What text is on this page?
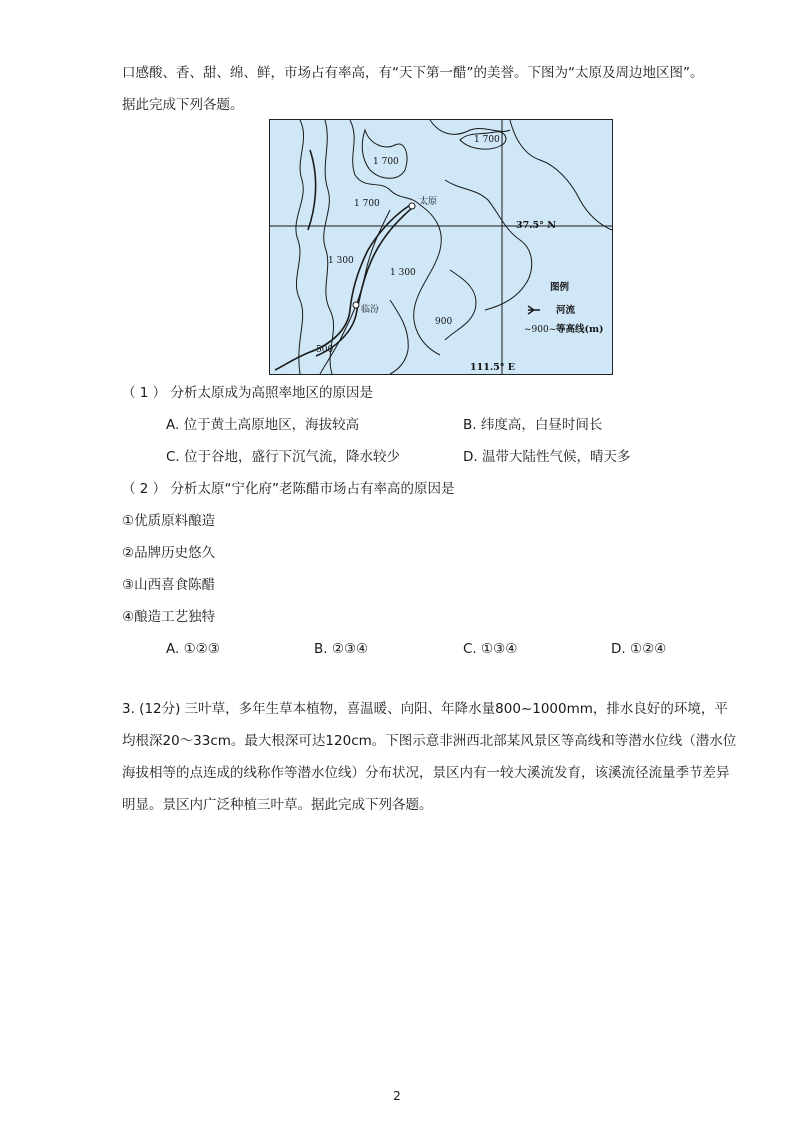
口感酸、香、甜、绵、鲜，市场占有率高，有“天下第一醋”的美誉。下图为“太原及周边地区图”。
据此完成下列各题。
1 700
1 700
1 700
1 300
1 300
900
500
太原
临汾
37.5° N
111.5° E
图例
河流
~900~ 等高线(m)
（ 1 ） 分析太原成为高照率地区的原因是
A. 位于黄土高原地区，海拔较高	B. 纬度高，白昼时间长
C. 位于谷地，盛行下沉气流，降水较少	D. 温带大陆性气候，晴天多
（ 2 ） 分析太原“宁化府”老陈醋市场占有率高的原因是
①优质原料酿造
②品牌历史悠久
③山西喜食陈醋
④酿造工艺独特
A. ①②③	B. ②③④	C. ①③④	D. ①②④
3. (12分) 三叶草，多年生草本植物，喜温暖、向阳、年降水量800~1000mm，排水良好的环境，平
均根深20～33cm。最大根深可达120cm。下图示意非洲西北部某风景区等高线和等潜水位线（潜水位
海拔相等的点连成的线称作等潜水位线）分布状况，景区内有一较大溪流发育，该溪流径流量季节差异
明显。景区内广泛种植三叶草。据此完成下列各题。
2
